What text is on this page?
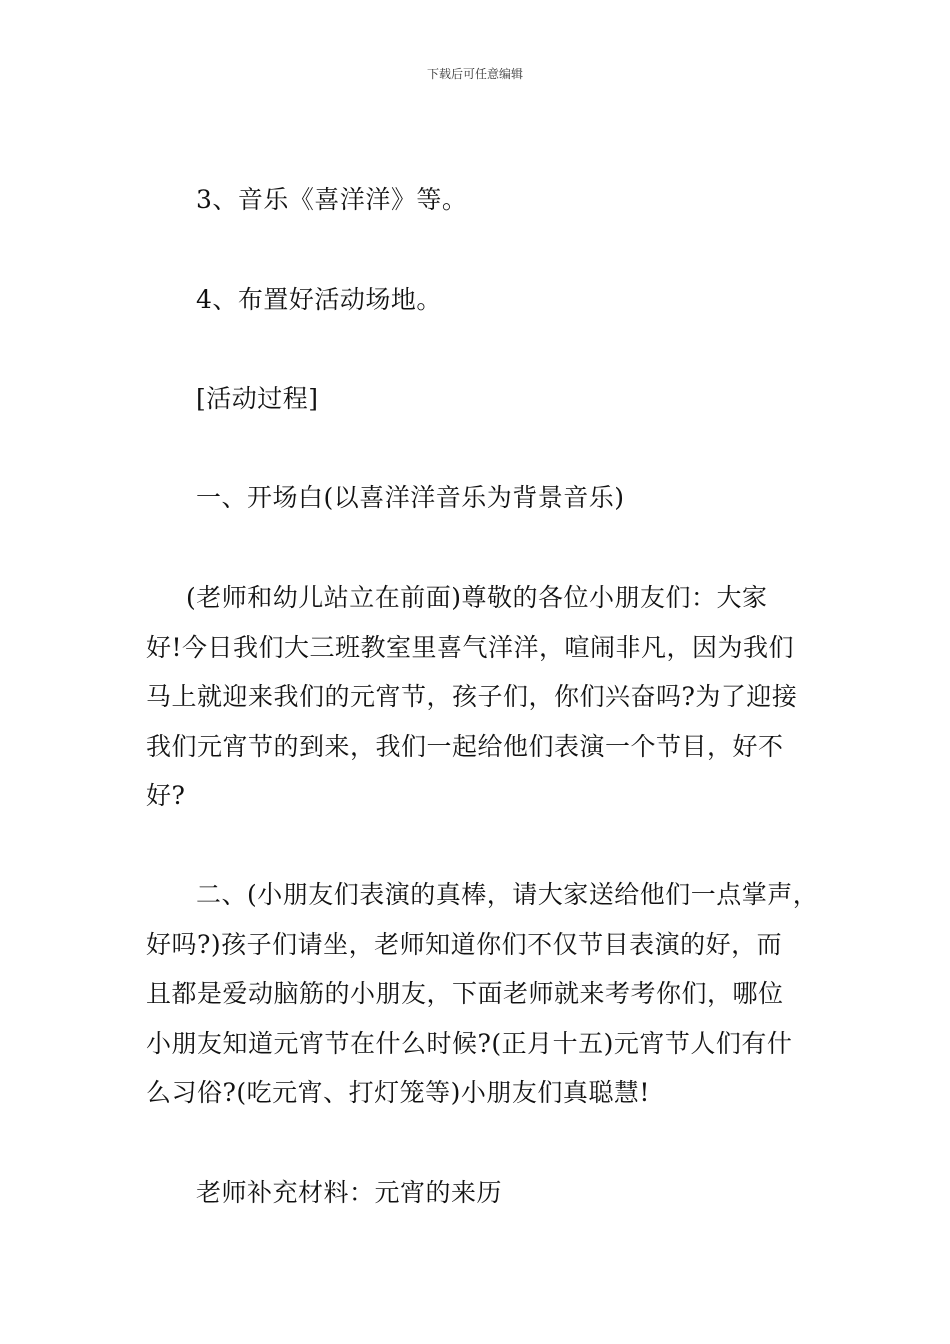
下载后可任意编辑
3、音乐《喜洋洋》等。
4、布置好活动场地。
[活动过程]
一、开场白(以喜洋洋音乐为背景音乐)
(老师和幼儿站立在前面)尊敬的各位小朋友们：大家
好!今日我们大三班教室里喜气洋洋，喧闹非凡，因为我们
马上就迎来我们的元宵节，孩子们，你们兴奋吗?为了迎接
我们元宵节的到来，我们一起给他们表演一个节目，好不
好?
二、(小朋友们表演的真棒，请大家送给他们一点掌声，
好吗?)孩子们请坐，老师知道你们不仅节目表演的好，而
且都是爱动脑筋的小朋友，下面老师就来考考你们，哪位
小朋友知道元宵节在什么时候?(正月十五)元宵节人们有什
么习俗?(吃元宵、打灯笼等)小朋友们真聪慧!
老师补充材料：元宵的来历
